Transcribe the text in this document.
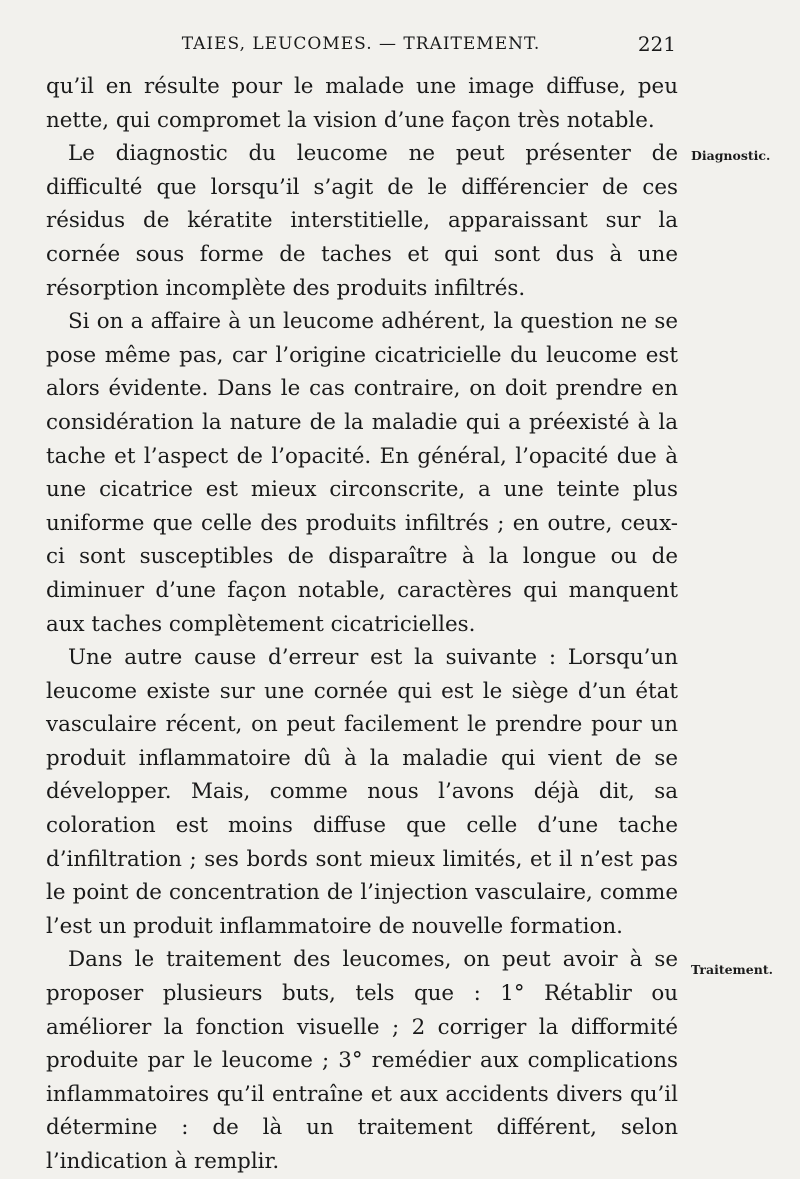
TAIES, LEUCOMES. — TRAITEMENT.	221
Diagnostic.
Traitement.

qu’il en résulte pour le malade une image diffuse, peu nette, qui compromet la vision d’une façon très notable.

Le diagnostic du leucome ne peut présenter de difficulté que lorsqu’il s’agit de le différencier de ces résidus de kératite interstitielle, apparaissant sur la cornée sous forme de taches et qui sont dus à une résorption incomplète des produits infiltrés.

Si on a affaire à un leucome adhérent, la question ne se pose même pas, car l’origine cicatricielle du leucome est alors évidente. Dans le cas contraire, on doit prendre en considération la nature de la maladie qui a préexisté à la tache et l’aspect de l’opacité. En général, l’opacité due à une cicatrice est mieux circonscrite, a une teinte plus uniforme que celle des produits infiltrés ; en outre, ceux-ci sont susceptibles de disparaître à la longue ou de diminuer d’une façon notable, caractères qui manquent aux taches complètement cicatricielles.

Une autre cause d’erreur est la suivante : Lorsqu’un leucome existe sur une cornée qui est le siège d’un état vasculaire récent, on peut facilement le prendre pour un produit inflammatoire dû à la maladie qui vient de se développer. Mais, comme nous l’avons déjà dit, sa coloration est moins diffuse que celle d’une tache d’infiltration ; ses bords sont mieux limités, et il n’est pas le point de concentration de l’injection vasculaire, comme l’est un produit inflammatoire de nouvelle formation.

Dans le traitement des leucomes, on peut avoir à se proposer plusieurs buts, tels que : 1° Rétablir ou améliorer la fonction visuelle ; 2 corriger la difformité produite par le leucome ; 3° remédier aux complications inflammatoires qu’il entraîne et aux accidents divers qu’il détermine : de là un traitement différent, selon l’indication à remplir.
